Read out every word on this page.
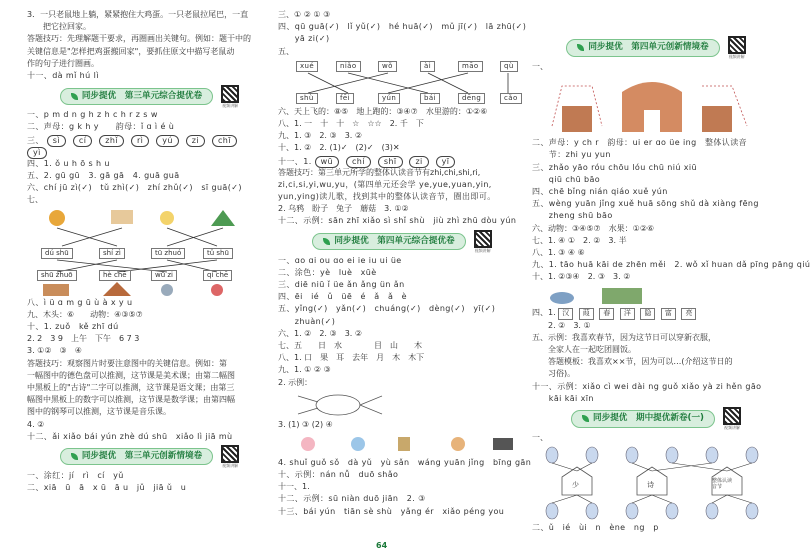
3．一只老鼠地上躺，紧紧抱住大鸡蛋。一只老鼠拉尾巴，一直
　　把它拉回家。
答题技巧：先理解题干要求，再圈画出关键句。例如：题干中的
关键信息是"怎样把鸡蛋搬回家"，要抓住原文中描写老鼠动
作的句子进行圈画。
十一、dà mǐ hú lì
同步提优　第三单元综合提优卷
视频讲解
一、p m d n g h z h c h r z s w
二、声母：g k h y　　韵母：ǐ ɑ ì é ù
三、 sì cí zhǐ rì yú zi chī
yì
四、1. ǒ u h ō s h u
五、2. gū gū　3. gā gā　4. guā guā
六、chí jū zì(✓)　tǔ zhì(✓)　zhí zhǔ(✓)　sī guā(✓)
七、
dú shū	shí zì	tū zhuó	tǔ shū
shū zhuō	hè chē	wū zi	qí chē
八、ì ü ɑ m g ū ù à x y u
九、木头：⑥　　动物：④③⑤⑦
十、1. zuǒ　kě zhī dú
2. 2　3 9　上午　下午　6 7 3
3. ①②　③　④
答题技巧：观察图片时要注意图中的关键信息。例如：第
一幅图中的德色盘可以推测，这节课是美术课；由第二幅图
中黑板上的"古诗"二字可以推测，这节课是语文课；由第三
幅图中黑板上的数字可以推测，这节课是数学课；由第四幅
图中的钢琴可以推测，这节课是音乐课。
4. ②
十二、ǎi xiǎo bái yún zhè dú shū　xiǎo lì jiā mù
同步提优　第三单元创新情境卷
视频讲解
一、涂红：jí　rì　cí　yǔ
二、xiā　ū　ā　x ū　ā u　jǔ　jiā ǔ　u
三、① ② ① ③
四、qū guā(✓)　lǐ yǔ(✓)　hé huā(✓)　mǔ jī(✓)　lā zhū(✓)
　　yā zi(✓)
五、
xué	niǎo	wǒ	ài	māo	qù
shù	fēi	yún	bái	dēng	cǎo
六、天上飞的：⑧⑤　地上跑的：③④⑦　水里游的：①②⑥
八、1. 一　十　十　☆　☆☆　2. 千　下
九、1. ③　2. ③　3. ②
十、1. ②　2. (1)✓　(2)✓　(3)✕
十一、1. wū chí shī zi yī
答题技巧：第三单元所学的整体认读音节有zhi,chi,shi,ri,
zi,ci,si,yi,wu,yu，(第四单元还会学 ye,yue,yuan,yin,
yun,ying)读儿歌，找到其中的整体认读音节，圈出即可。
2. 乌鸦　盼子　兔子　蘑菇　3. ①②
十二、示例：sān zhī xiǎo sì shǐ shù　jiù zhì zhū dòu yún
同步提优　第四单元综合提优卷
视频讲解
一、ɑo ɑi ou ɑo ei ie iu ui üe
二、涂色：yè　luè　xūè
三、diē niū ǐ üe ǎn ǎng ün ǎn
四、ēi　ié　ǔ　üē　é　ǎ　ǎ　è
五、yǐng(✓)　yǎn(✓)　chuáng(✓)　dèng(✓)　yī(✓)
　　zhuàn(✓)
六、1. ②　2. ③　3. ②
七、五　　日　水　　　　目　山　　木
八、1. 口　果　耳　去年　月　木　木下
九、1. ① ② ③
2. 示例：
3. (1) ③ (2) ④
4. shuǐ guǒ sǒ　dà yǔ　yù sǎn　wáng yuān jǐng　bīng gān
十、示例：nán nǚ　duō shǎo
十一、1.
十二、示例：sū niàn duō jiān　2. ③
十三、bái yún　tiān sè shù　yǎng ér　xiǎo péng you
同步提优　第四单元创新情境卷
视频讲解
一、
二、声母：y ch r　韵母：ui er ɑo üe ing　整体认读音
　　节：zhi yu yun
三、zhǎo yāo róu chōu lóu chū niú xiū
　　qiū chū bāo
四、chē bǐng nián qiáo xuě yún
五、wèng yuān jǐng xuě huā sōng shǔ dà xiàng fēng
　　zheng shū bāo
六、动物：③④⑤⑦　水果：①②⑥
七、1. ④ ①　2. ②　3. 半
八、1. ③ ④ ⑥
九、1. tāo huā kāi de zhēn měi　2. wǒ xǐ huan dǎ pīng pāng qiú
十、1. ②③④　2. ③　3. ②
四、1. 汉 葭 春 洋 隐 富 亮
　　2. ②　3. ①
五、示例：我喜欢春节，因为这节日可以穿新衣服，
　　全家人在一起吃团圆饭。
　　答题模板：我喜欢××节，因为可以…(介绍这节日的
　　习俗)。
十一、示例：xiǎo cì wei dài ng guǒ xiǎo yà zi hěn gāo
　　kāi kāi xīn
同步提优　期中提优新卷(一)
视频讲解
一、
少	诗	整体认读
音节
二、ǔ　ié　ùi　n　ène　ng　p
64
